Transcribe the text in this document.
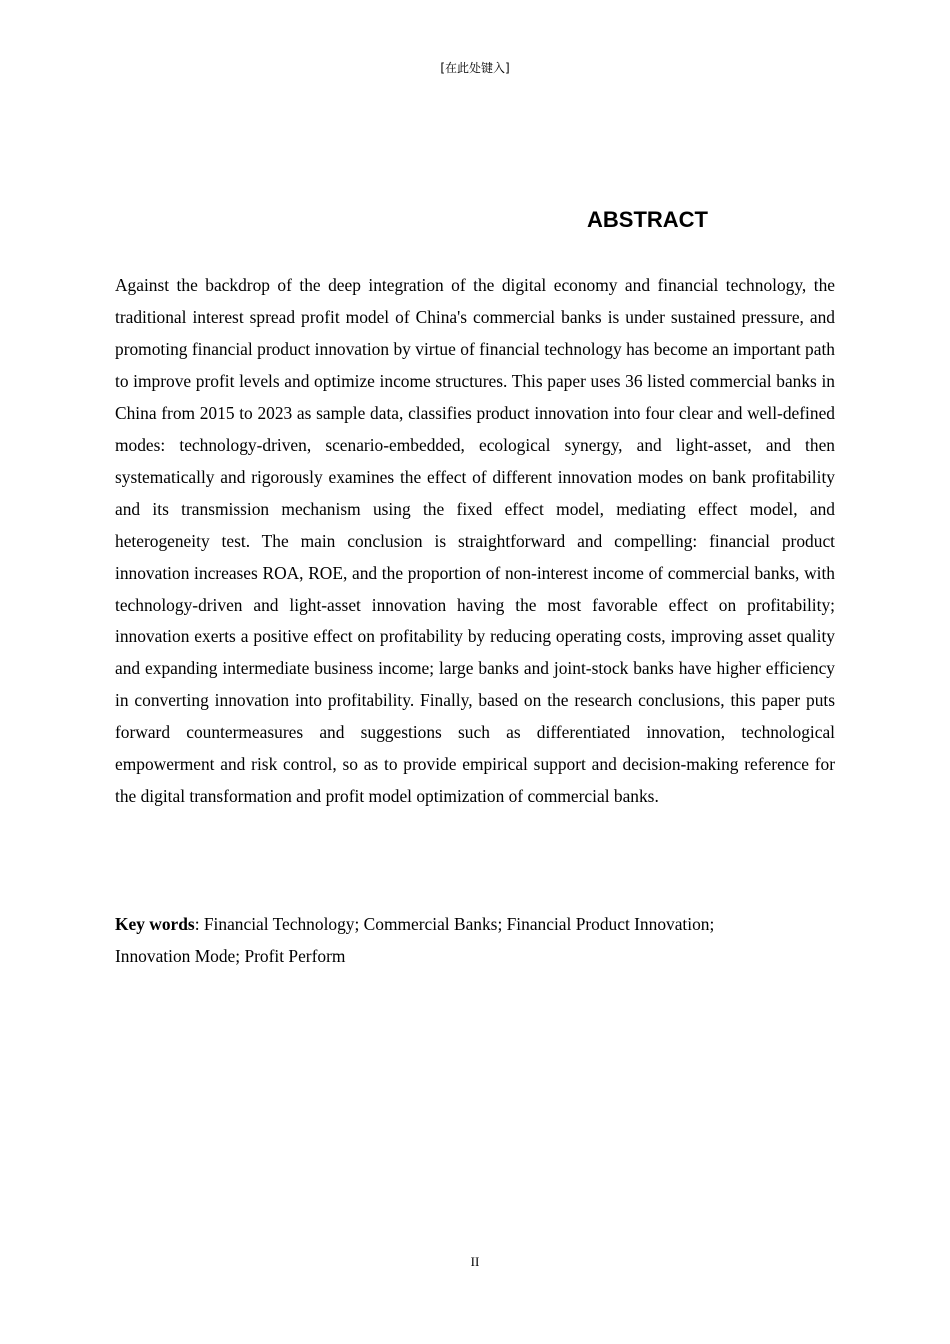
[在此处键入]
ABSTRACT

Against the backdrop of the deep integration of the digital economy and financial technology, the traditional interest spread profit model of China's commercial banks is under sustained pressure, and promoting financial product innovation by virtue of financial technology has become an important path to improve profit levels and optimize income structures. This paper uses 36 listed commercial banks in China from 2015 to 2023 as sample data, classifies product innovation into four clear and well-defined modes: technology-driven, scenario-embedded, ecological synergy, and light-asset, and then systematically and rigorously examines the effect of different innovation modes on bank profitability and its transmission mechanism using the fixed effect model, mediating effect model, and heterogeneity test. The main conclusion is straightforward and compelling: financial product innovation increases ROA, ROE, and the proportion of non-interest income of commercial banks, with technology-driven and light-asset innovation having the most favorable effect on profitability; innovation exerts a positive effect on profitability by reducing operating costs, improving asset quality and expanding intermediate business income; large banks and joint-stock banks have higher efficiency in converting innovation into profitability. Finally, based on the research conclusions, this paper puts forward countermeasures and suggestions such as differentiated innovation, technological empowerment and risk control, so as to provide empirical support and decision-making reference for the digital transformation and profit model optimization of commercial banks.

Key words: Financial Technology; Commercial Banks; Financial Product Innovation;
Innovation Mode; Profit Perform

II
